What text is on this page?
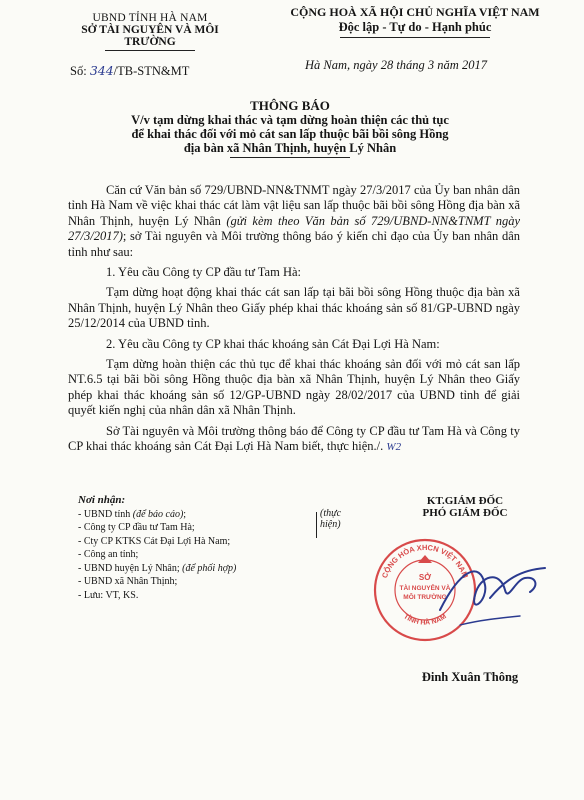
UBND TỈNH HÀ NAM
SỞ TÀI NGUYÊN VÀ MÔI TRƯỜNG
CỘNG HOÀ XÃ HỘI CHỦ NGHĨA VIỆT NAM
Độc lập - Tự do - Hạnh phúc
Số: 344/TB-STN&MT	Hà Nam, ngày 28 tháng 3 năm 2017
THÔNG BÁO
V/v tạm dừng khai thác và tạm dừng hoàn thiện các thủ tục
để khai thác đối với mỏ cát san lấp thuộc bãi bồi sông Hồng
địa bàn xã Nhân Thịnh, huyện Lý Nhân

Căn cứ Văn bản số 729/UBND-NN&TNMT ngày 27/3/2017 của Ủy ban nhân dân tỉnh Hà Nam về việc khai thác cát làm vật liệu san lấp thuộc bãi bồi sông Hồng địa bàn xã Nhân Thịnh, huyện Lý Nhân (gửi kèm theo Văn bản số 729/UBND-NN&TNMT ngày 27/3/2017); sở Tài nguyên và Môi trường thông báo ý kiến chỉ đạo của Ủy ban nhân dân tỉnh như sau:

1. Yêu cầu Công ty CP đầu tư Tam Hà:

Tạm dừng hoạt động khai thác cát san lấp tại bãi bồi sông Hồng thuộc địa bàn xã Nhân Thịnh, huyện Lý Nhân theo Giấy phép khai thác khoáng sản số 81/GP-UBND ngày 25/12/2014 của UBND tỉnh.

2. Yêu cầu Công ty CP khai thác khoáng sản Cát Đại Lợi Hà Nam:

Tạm dừng hoàn thiện các thủ tục để khai thác khoáng sản đối với mỏ cát san lấp NT.6.5 tại bãi bồi sông Hồng thuộc địa bàn xã Nhân Thịnh, huyện Lý Nhân theo Giấy phép khai thác khoáng sản số 12/GP-UBND ngày 28/02/2017 của UBND tỉnh để giải quyết kiến nghị của nhân dân xã Nhân Thịnh.

Sở Tài nguyên và Môi trường thông báo để Công ty CP đầu tư Tam Hà và Công ty CP khai thác khoáng sản Cát Đại Lợi Hà Nam biết, thực hiện./. W2

Nơi nhận:
- UBND tỉnh (để báo cáo);
- Công ty CP đầu tư Tam Hà;
- Cty CP KTKS Cát Đại Lợi Hà Nam;
(thực
hiện)
- Công an tỉnh;
- UBND huyện Lý Nhân; (để phối hợp)
- UBND xã Nhân Thịnh;
- Lưu: VT, KS.
KT.GIÁM ĐỐC
PHÓ GIÁM ĐỐC
CỘNG HÒA XHCN VIỆT NAM
SỞ
TÀI NGUYÊN VÀ
MÔI TRƯỜNG
TỈNH HÀ NAM
Đinh Xuân Thông
